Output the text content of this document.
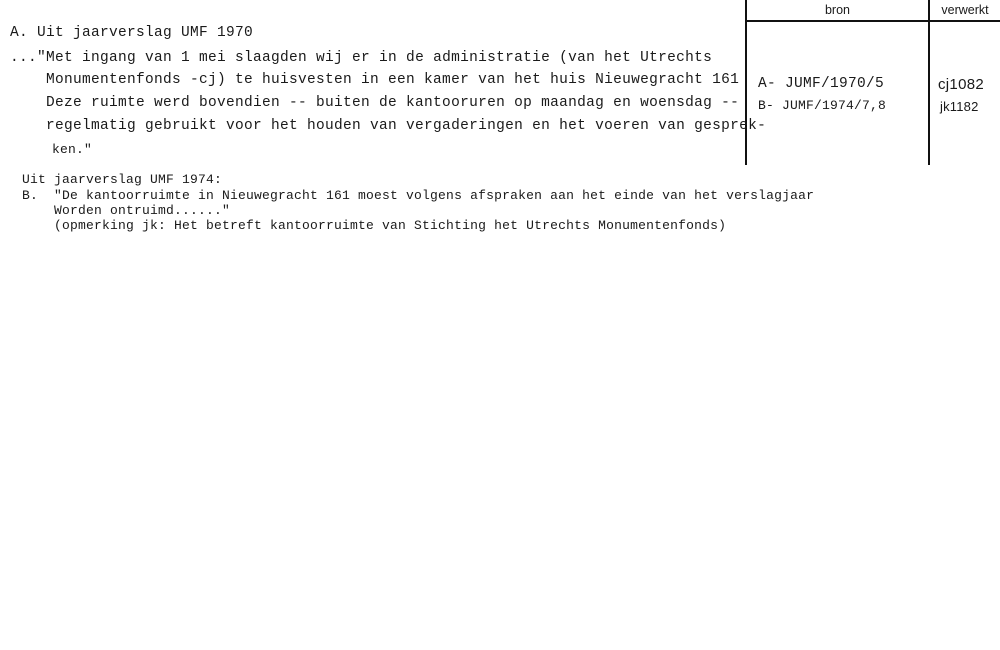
bron	verwerkt
A- JUMF/1970/5	cj1082
B- JUMF/1974/7,8	jk1182
A. Uit jaarverslag UMF 1970
..."Met ingang van 1 mei slaagden wij er in de administratie (van het Utrechts
Monumentenfonds -cj) te huisvesten in een kamer van het huis Nieuwegracht 161
Deze ruimte werd bovendien -- buiten de kantooruren op maandag en woensdag --
regelmatig gebruikt voor het houden van vergaderingen en het voeren van gesprek-
ken."
Uit jaarverslag UMF 1974:
B. "De kantoorruimte in Nieuwegracht 161 moest volgens afspraken aan het einde van het verslagjaar
Worden ontruimd......"
(opmerking jk: Het betreft kantoorruimte van Stichting het Utrechts Monumentenfonds)
